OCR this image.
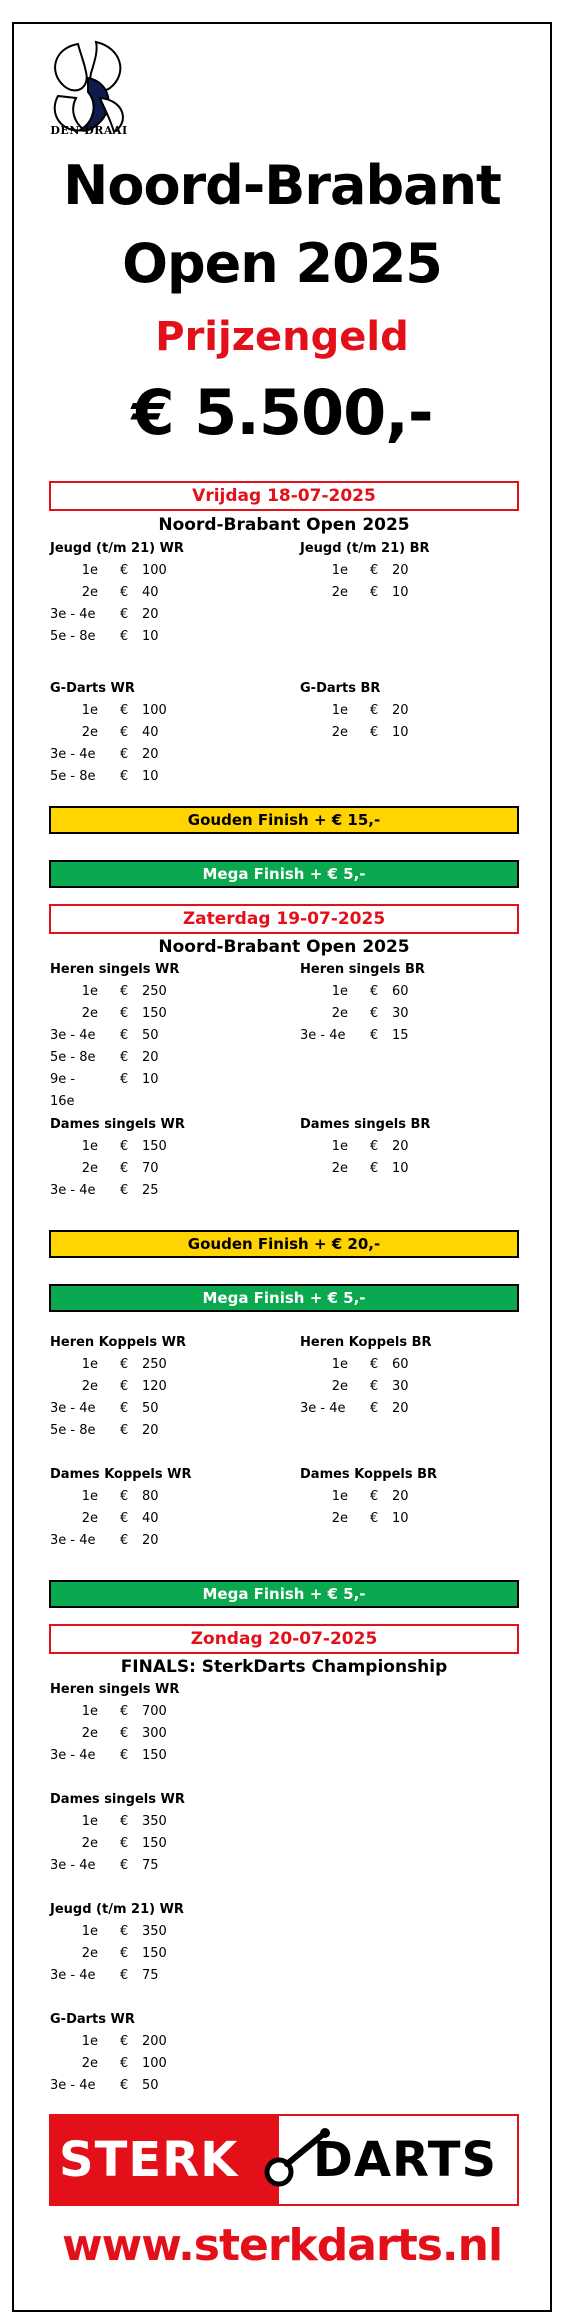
DEN DRAAI
Noord-Brabant
Open 2025
Prijzengeld
€ 5.500,-
Vrijdag 18-07-2025
Noord-Brabant Open 2025
Jeugd (t/m 21) WR
1e € 100
2e € 40
3e - 4e € 20
5e - 8e € 10
Jeugd (t/m 21) BR
1e € 20
2e € 10
G-Darts WR
1e € 100
2e € 40
3e - 4e € 20
5e - 8e € 10
G-Darts BR
1e € 20
2e € 10
Gouden Finish + € 15,-
Mega Finish + € 5,-
Zaterdag 19-07-2025
Noord-Brabant Open 2025
Heren singels WR
1e € 250
2e € 150
3e - 4e € 50
5e - 8e € 20
9e - 16e
€ 10
Heren singels BR
1e € 60
2e € 30
3e - 4e € 15
Dames singels WR
1e € 150
2e € 70
3e - 4e € 25
Dames singels BR
1e € 20
2e € 10
Gouden Finish + € 20,-
Mega Finish + € 5,-
Heren Koppels WR
1e € 250
2e € 120
3e - 4e € 50
5e - 8e € 20
Heren Koppels BR
1e € 60
2e € 30
3e - 4e € 20
Dames Koppels WR
1e € 80
2e € 40
3e - 4e € 20
Dames Koppels BR
1e € 20
2e € 10
Mega Finish + € 5,-
Zondag 20-07-2025
FINALS: SterkDarts Championship
Heren singels WR
1e € 700
2e € 300
3e - 4e € 150
Dames singels WR
1e € 350
2e € 150
3e - 4e € 75
Jeugd (t/m 21) WR
1e € 350
2e € 150
3e - 4e € 75
G-Darts WR
1e € 200
2e € 100
3e - 4e € 50
STERK DARTS
www.sterkdarts.nl
